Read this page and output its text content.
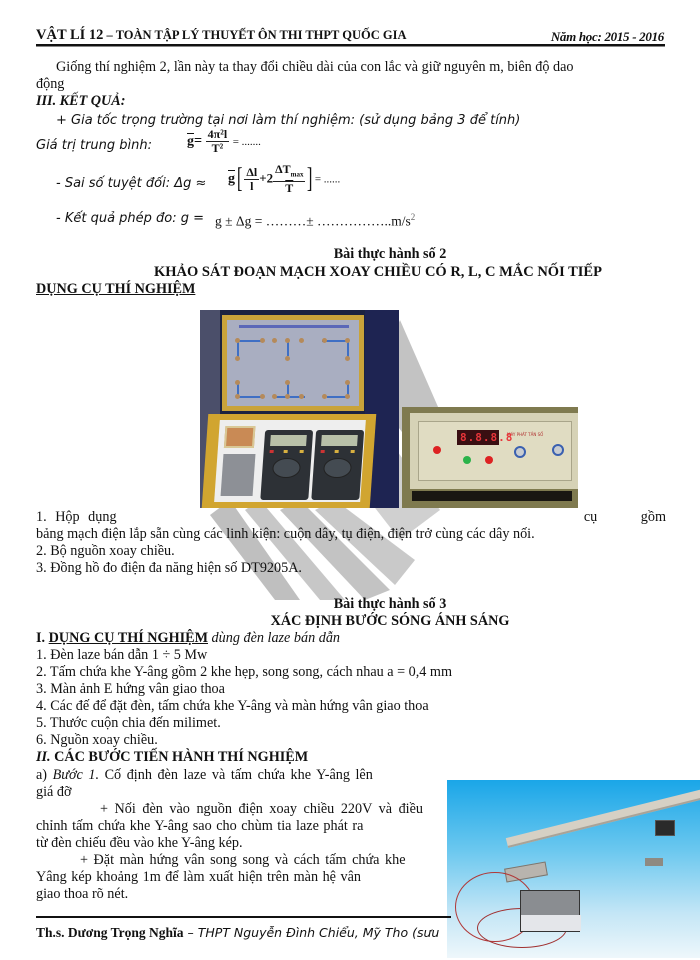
VẬT LÍ 12 – TOÀN TẬP LÝ THUYẾT ÔN THI THPT QUỐC GIA	Năm học: 2015 - 2016
Giống thí nghiệm 2, lần này ta thay đổi chiều dài của con lắc và giữ nguyên m, biên độ dao
động
III. KẾT QUẢ:
+ Gia tốc trọng trường tại nơi làm thí nghiệm: (sử dụng bảng 3 để tính)
Giá trị trung bình:	$\overline{g}= \frac{\text{4π²l}}{\text{T²}}$ = .......
- Sai số tuyệt đối: $\Delta g \approx \overline{g}[ \frac{\Delta l}{l} +2 \frac{\Delta T_{max}}{T}$ ] = ......
- Kết quả phép đo: g = g ± Δg = ………± $\dots\dots\dots\dots\dots..m/s^2$
Bài thực hành số 2
KHẢO SÁT ĐOẠN MẠCH XOAY CHIỀU CÓ R, L, C MẮC NỐI TIẾP
DỤNG CỤ THÍ NGHIỆM
MÁY PHÁT TẦN SỐ
8.8.8.8
1. Hộp dụng	cụ gồm
bảng mạch điện lắp sẵn cùng các linh kiện: cuộn dây, tụ điện, điện trở cùng các dây nối.
2. Bộ nguồn xoay chiều.
3. Đồng hồ đo điện đa năng hiện số DT9205A.
Bài thực hành số 3
XÁC ĐỊNH BƯỚC SÓNG ÁNH SÁNG
I. DỤNG CỤ THÍ NGHIỆM dùng đèn laze bán dẫn
1. Đèn laze bán dẫn 1 ÷ 5 Mw
2. Tấm chứa khe Y-âng gồm 2 khe hẹp, song song, cách nhau a = 0,4 mm
3. Màn ảnh E hứng vân giao thoa
4. Các đế để đặt đèn, tấm chứa khe Y-âng và màn hứng vân giao thoa
5. Thước cuộn chia đến milimet.
6. Nguồn xoay chiều.
II. CÁC BƯỚC TIẾN HÀNH THÍ NGHIỆM
a) Bước 1. Cố định đèn laze và tấm chứa khe Y-âng lên
giá đỡ
+ Nối đèn vào nguồn điện xoay chiều 220V và điều
chỉnh tấm chứa khe Y-âng sao cho chùm tia laze phát ra
từ đèn chiếu đều vào khe Y-âng kép.
+ Đặt màn hứng vân song song và cách tấm chứa khe
Yâng kép khoảng 1m để làm xuất hiện trên màn hệ vân
giao thoa rõ nét.
Th.s. Dương Trọng Nghĩa – THPT Nguyễn Đình Chiểu, Mỹ Tho (sưu
